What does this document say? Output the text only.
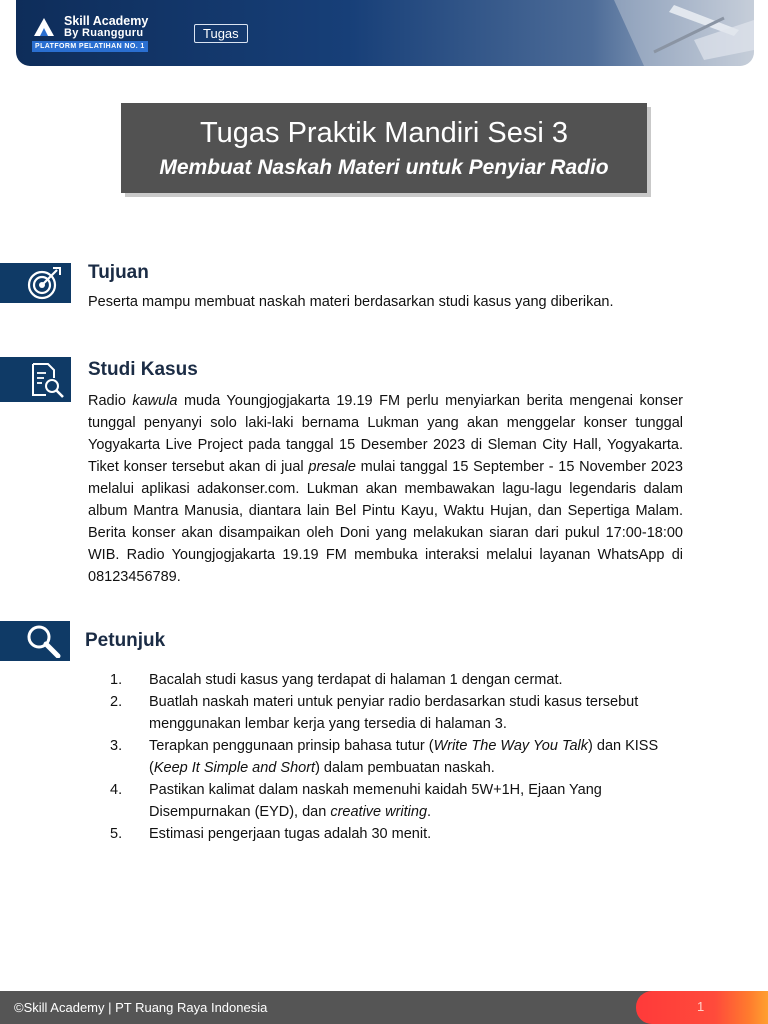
Skill Academy
By Ruangguru
PLATFORM PELATIHAN NO. 1
Tugas
Tugas Praktik Mandiri Sesi 3
Membuat Naskah Materi untuk Penyiar Radio
Tujuan
Peserta mampu membuat naskah materi berdasarkan studi kasus yang diberikan.
Studi Kasus
Radio kawula muda Youngjogjakarta 19.19 FM perlu menyiarkan berita mengenai konser tunggal penyanyi solo laki-laki bernama Lukman yang akan menggelar konser tunggal Yogyakarta Live Project pada tanggal 15 Desember 2023 di Sleman City Hall, Yogyakarta. Tiket konser tersebut akan di jual presale mulai tanggal 15 September - 15 November 2023 melalui aplikasi adakonser.com. Lukman akan membawakan lagu-lagu legendaris dalam album Mantra Manusia, diantara lain Bel Pintu Kayu, Waktu Hujan, dan Sepertiga Malam. Berita konser akan disampaikan oleh Doni yang melakukan siaran dari pukul 17:00-18:00 WIB. Radio Youngjogjakarta 19.19 FM membuka interaksi melalui layanan WhatsApp di 08123456789.
Petunjuk
1. Bacalah studi kasus yang terdapat di halaman 1 dengan cermat.
2. Buatlah naskah materi untuk penyiar radio berdasarkan studi kasus tersebut menggunakan lembar kerja yang tersedia di halaman 3.
3. Terapkan penggunaan prinsip bahasa tutur (Write The Way You Talk) dan KISS (Keep It Simple and Short) dalam pembuatan naskah.
4. Pastikan kalimat dalam naskah memenuhi kaidah 5W+1H, Ejaan Yang Disempurnakan (EYD), dan creative writing.
5. Estimasi pengerjaan tugas adalah 30 menit.
©Skill Academy | PT Ruang Raya Indonesia	1
